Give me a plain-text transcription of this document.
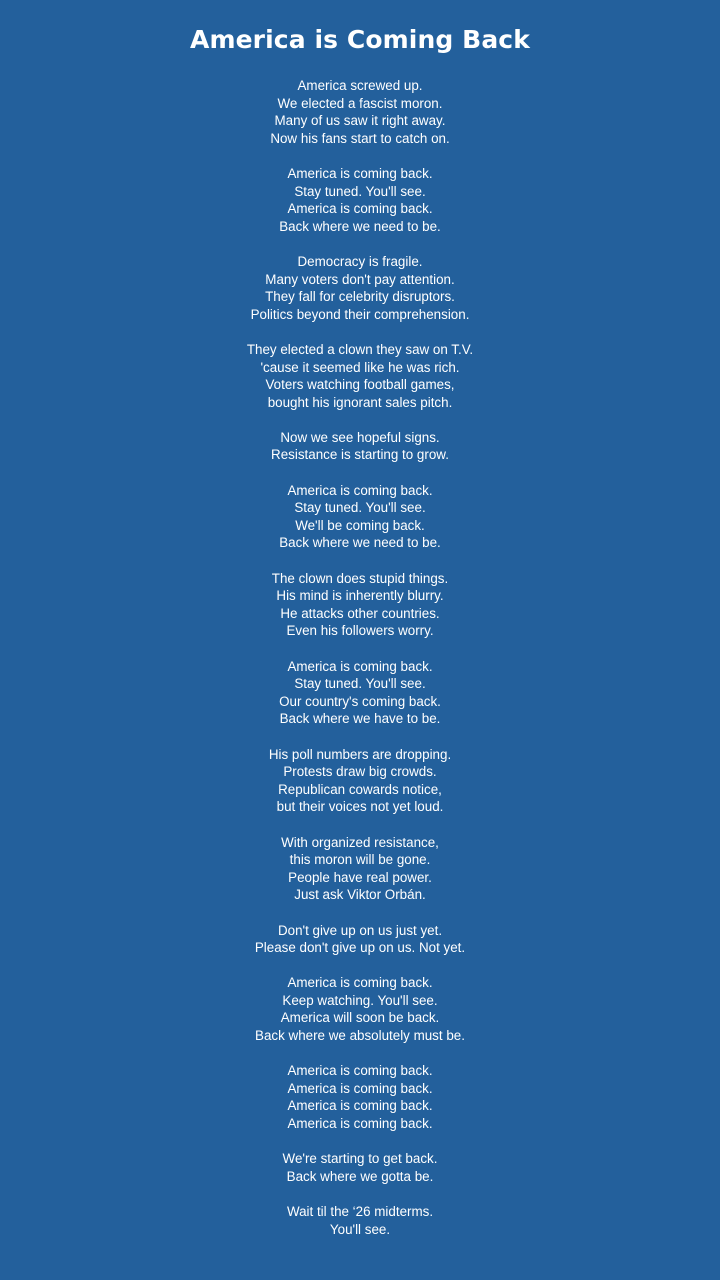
America is Coming Back
America screwed up.
We elected a fascist moron.
Many of us saw it right away.
Now his fans start to catch on.
America is coming back.
Stay tuned. You'll see.
America is coming back.
Back where we need to be.
Democracy is fragile.
Many voters don't pay attention.
They fall for celebrity disruptors.
Politics beyond their comprehension.
They elected a clown they saw on T.V.
'cause it seemed like he was rich.
Voters watching football games,
bought his ignorant sales pitch.
Now we see hopeful signs.
Resistance is starting to grow.
America is coming back.
Stay tuned. You'll see.
We'll be coming back.
Back where we need to be.
The clown does stupid things.
His mind is inherently blurry.
He attacks other countries.
Even his followers worry.
America is coming back.
Stay tuned. You'll see.
Our country's coming back.
Back where we have to be.
His poll numbers are dropping.
Protests draw big crowds.
Republican cowards notice,
but their voices not yet loud.
With organized resistance,
this moron will be gone.
People have real power.
Just ask Viktor Orbán.
Don't give up on us just yet.
Please don't give up on us. Not yet.
America is coming back.
Keep watching. You'll see.
America will soon be back.
Back where we absolutely must be.
America is coming back.
America is coming back.
America is coming back.
America is coming back.
We're starting to get back.
Back where we gotta be.
Wait til the ‘26 midterms.
You'll see.
